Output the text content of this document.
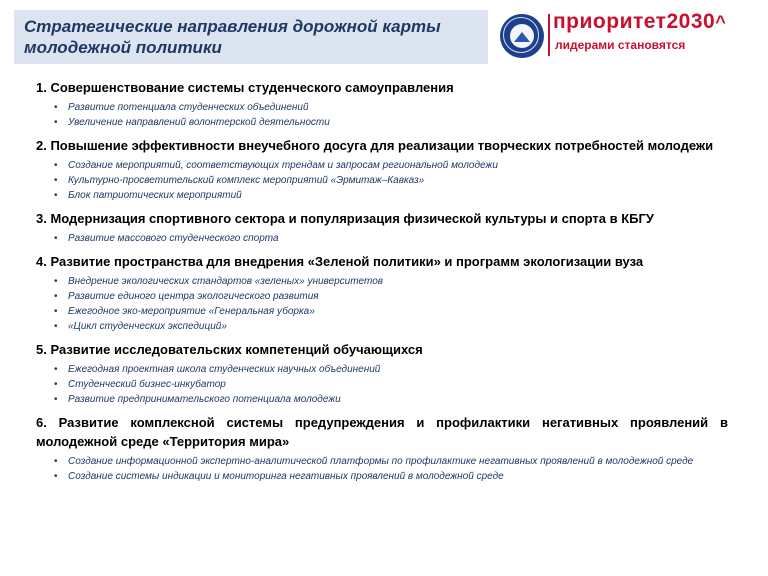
Стратегические направления дорожной карты молодежной политики
приоритет2030^
лидерами становятся
1. Совершенствование системы студенческого самоуправления
• Развитие потенциала студенческих объединений
• Увеличение направлений волонтерской деятельности
2. Повышение эффективности внеучебного досуга для реализации творческих потребностей молодежи
• Создание мероприятий, соответствующих трендам и запросам региональной молодежи
• Культурно-просветительский комплекс мероприятий «Эрмитаж–Кавказ»
• Блок патриотических мероприятий
3. Модернизация спортивного сектора и популяризация физической культуры и спорта в КБГУ
• Развитие массового студенческого спорта
4. Развитие пространства для внедрения «Зеленой политики» и программ экологизации вуза
• Внедрение экологических стандартов «зеленых» университетов
• Развитие единого центра экологического развития
• Ежегодное эко-мероприятие «Генеральная уборка»
• «Цикл студенческих экспедиций»
5. Развитие исследовательских компетенций обучающихся
• Ежегодная проектная школа студенческих научных объединений
• Студенческий бизнес-инкубатор
• Развитие предпринимательского потенциала молодежи
6. Развитие комплексной системы предупреждения и профилактики негативных проявлений в молодежной среде «Территория мира»
• Создание информационной экспертно-аналитической платформы по профилактике негативных проявлений в молодежной среде
• Создание системы индикации и мониторинга негативных проявлений в молодежной среде
